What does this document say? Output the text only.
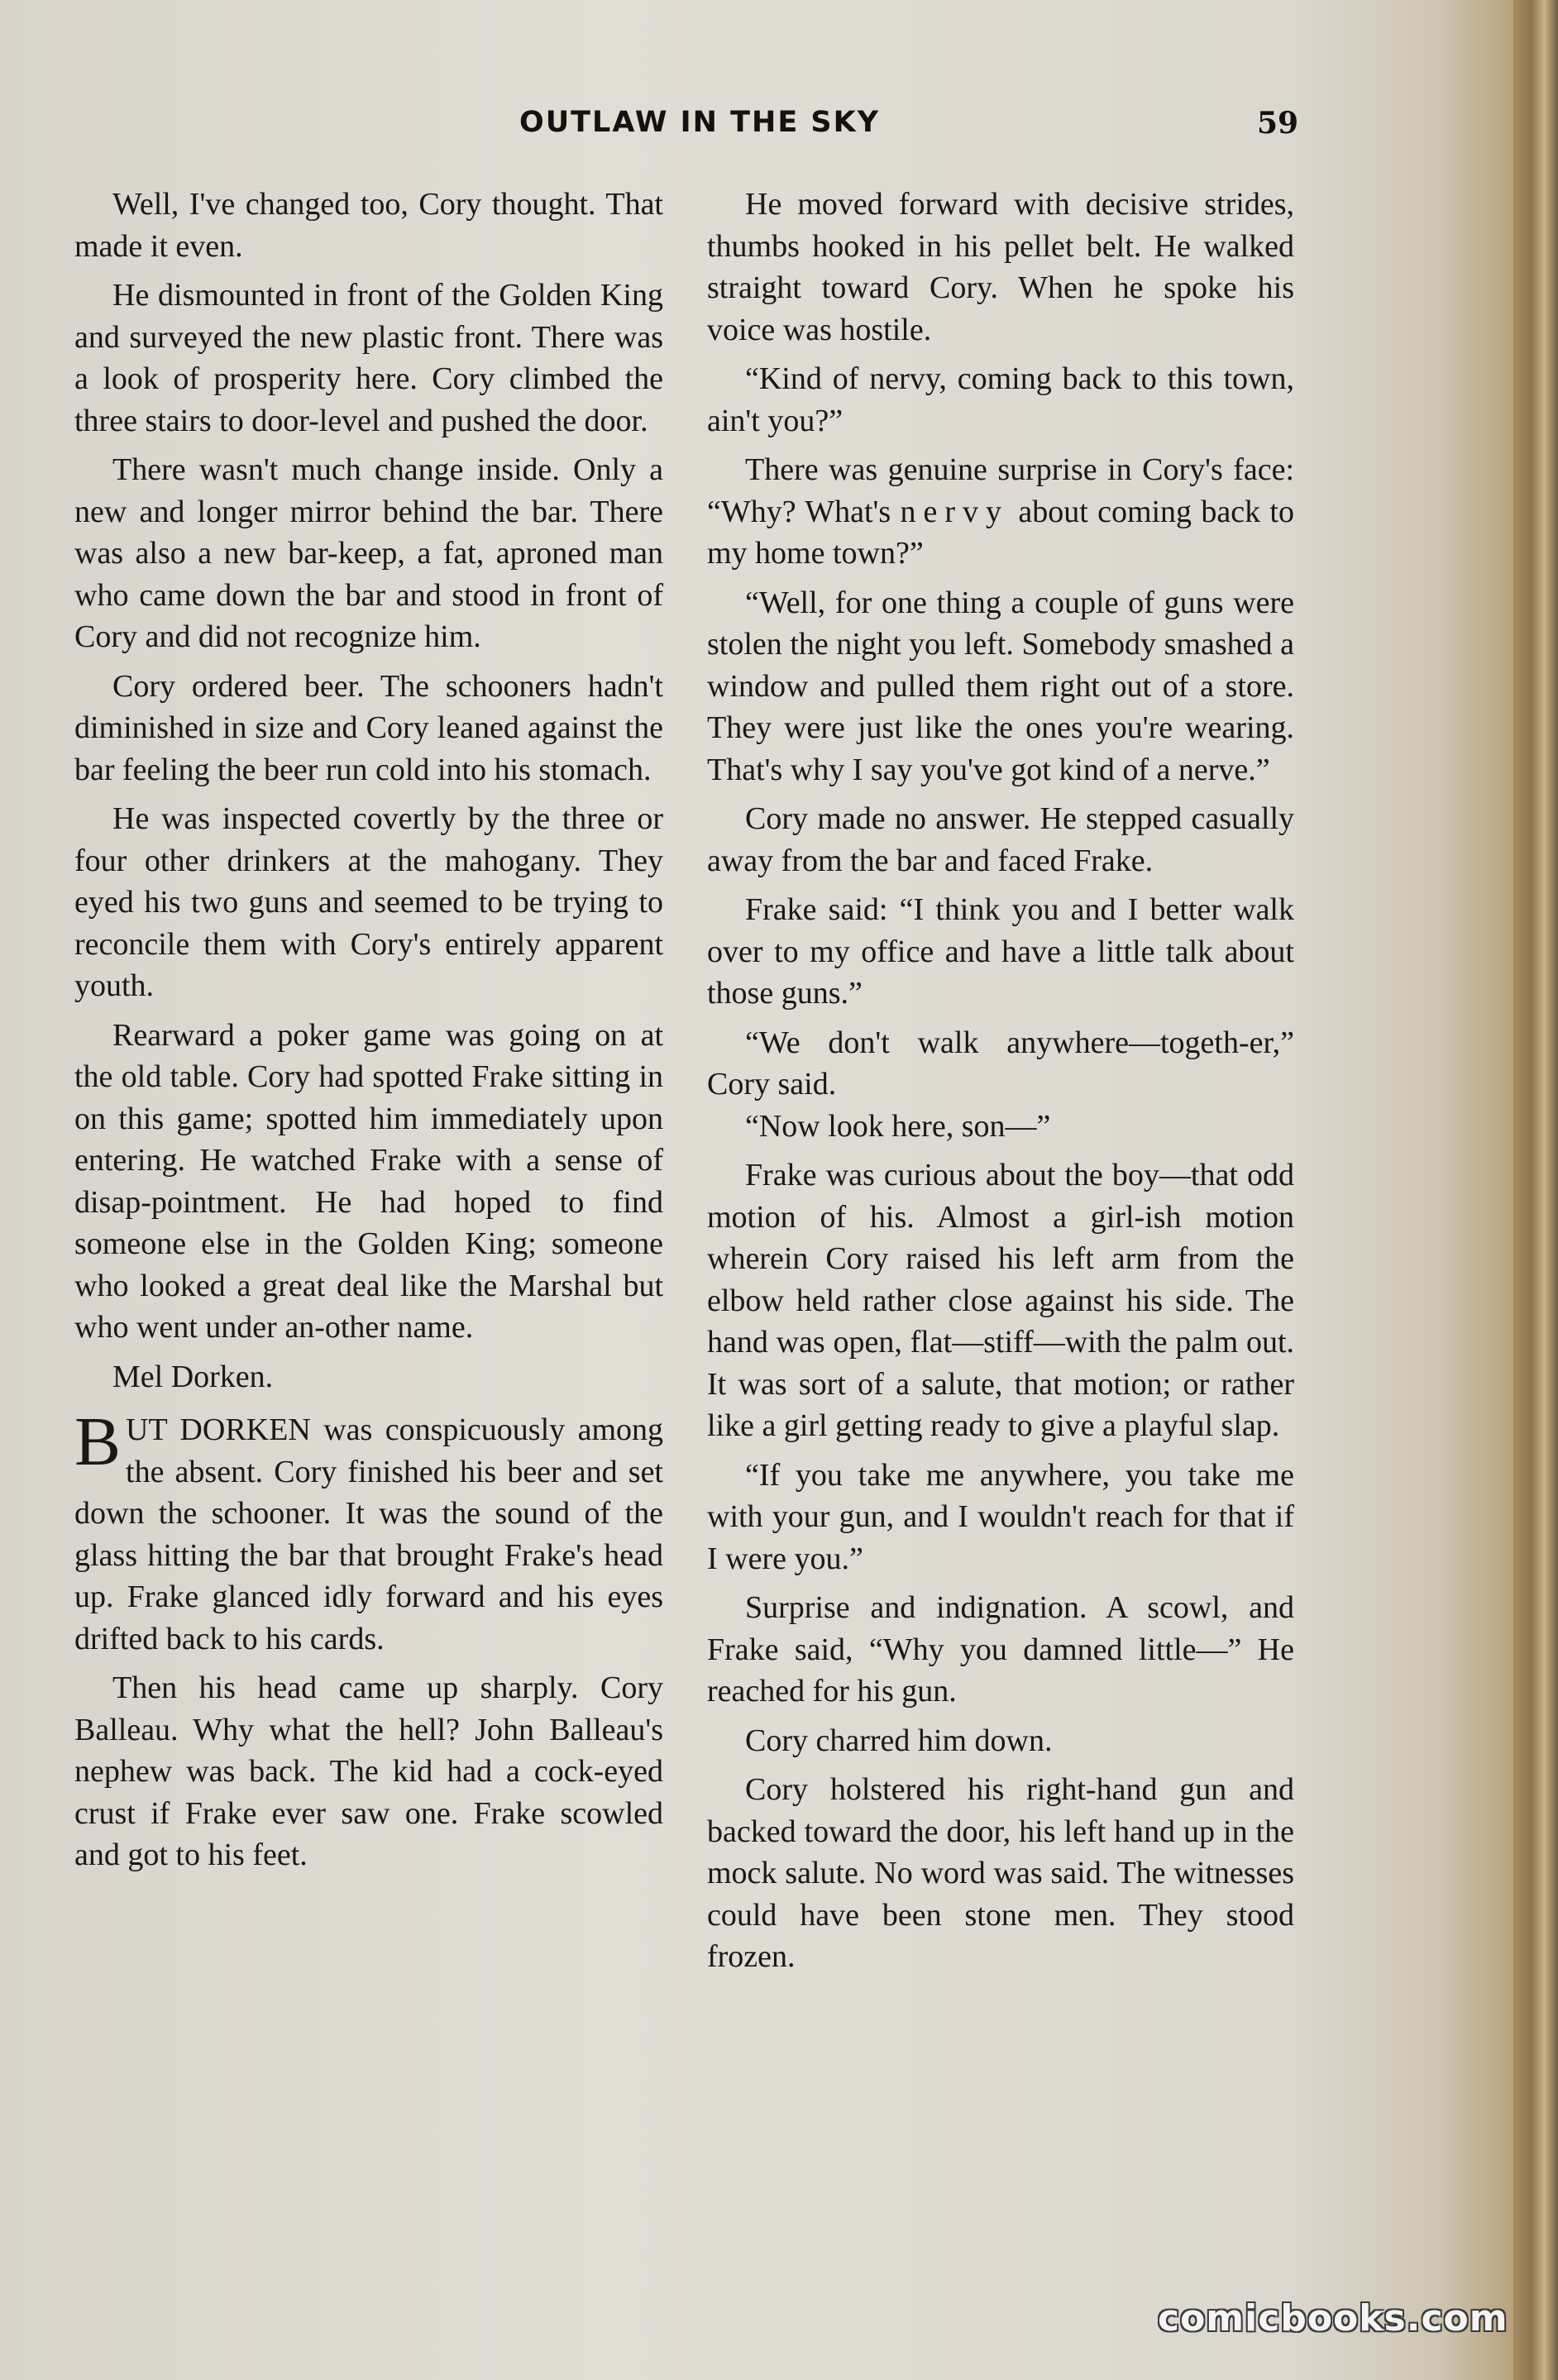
OUTLAW IN THE SKY	59

Well, I've changed too, Cory thought. That made it even.

He dismounted in front of the Golden King and surveyed the new plastic front. There was a look of prosperity here. Cory climbed the three stairs to door-level and pushed the door.

There wasn't much change inside. Only a new and longer mirror behind the bar. There was also a new bar-keep, a fat, aproned man who came down the bar and stood in front of Cory and did not recognize him.

Cory ordered beer. The schooners hadn't diminished in size and Cory leaned against the bar feeling the beer run cold into his stomach.

He was inspected covertly by the three or four other drinkers at the mahogany. They eyed his two guns and seemed to be trying to reconcile them with Cory's entirely apparent youth.

Rearward a poker game was going on at the old table. Cory had spotted Frake sitting in on this game; spotted him immediately upon entering. He watched Frake with a sense of disap-pointment. He had hoped to find someone else in the Golden King; someone who looked a great deal like the Marshal but who went under an-other name.

Mel Dorken.

BUT DORKEN was conspicuously among the absent. Cory finished his beer and set down the schooner. It was the sound of the glass hitting the bar that brought Frake's head up. Frake glanced idly forward and his eyes drifted back to his cards.

Then his head came up sharply. Cory Balleau. Why what the hell? John Balleau's nephew was back. The kid had a cock-eyed crust if Frake ever saw one. Frake scowled and got to his feet.

He moved forward with decisive strides, thumbs hooked in his pellet belt. He walked straight toward Cory. When he spoke his voice was hostile.

“Kind of nervy, coming back to this town, ain't you?”

There was genuine surprise in Cory's face: “Why? What's nervy about coming back to my home town?”

“Well, for one thing a couple of guns were stolen the night you left. Somebody smashed a window and pulled them right out of a store. They were just like the ones you're wearing. That's why I say you've got kind of a nerve.”

Cory made no answer. He stepped casually away from the bar and faced Frake.

Frake said: “I think you and I better walk over to my office and have a little talk about those guns.”

“We don't walk anywhere—togeth-er,” Cory said.

“Now look here, son—”

Frake was curious about the boy—that odd motion of his. Almost a girl-ish motion wherein Cory raised his left arm from the elbow held rather close against his side. The hand was open, flat—stiff—with the palm out. It was sort of a salute, that motion; or rather like a girl getting ready to give a playful slap.

“If you take me anywhere, you take me with your gun, and I wouldn't reach for that if I were you.”

Surprise and indignation. A scowl, and Frake said, “Why you damned little—” He reached for his gun.

Cory charred him down.

Cory holstered his right-hand gun and backed toward the door, his left hand up in the mock salute. No word was said. The witnesses could have been stone men. They stood frozen.

comicbooks.com
